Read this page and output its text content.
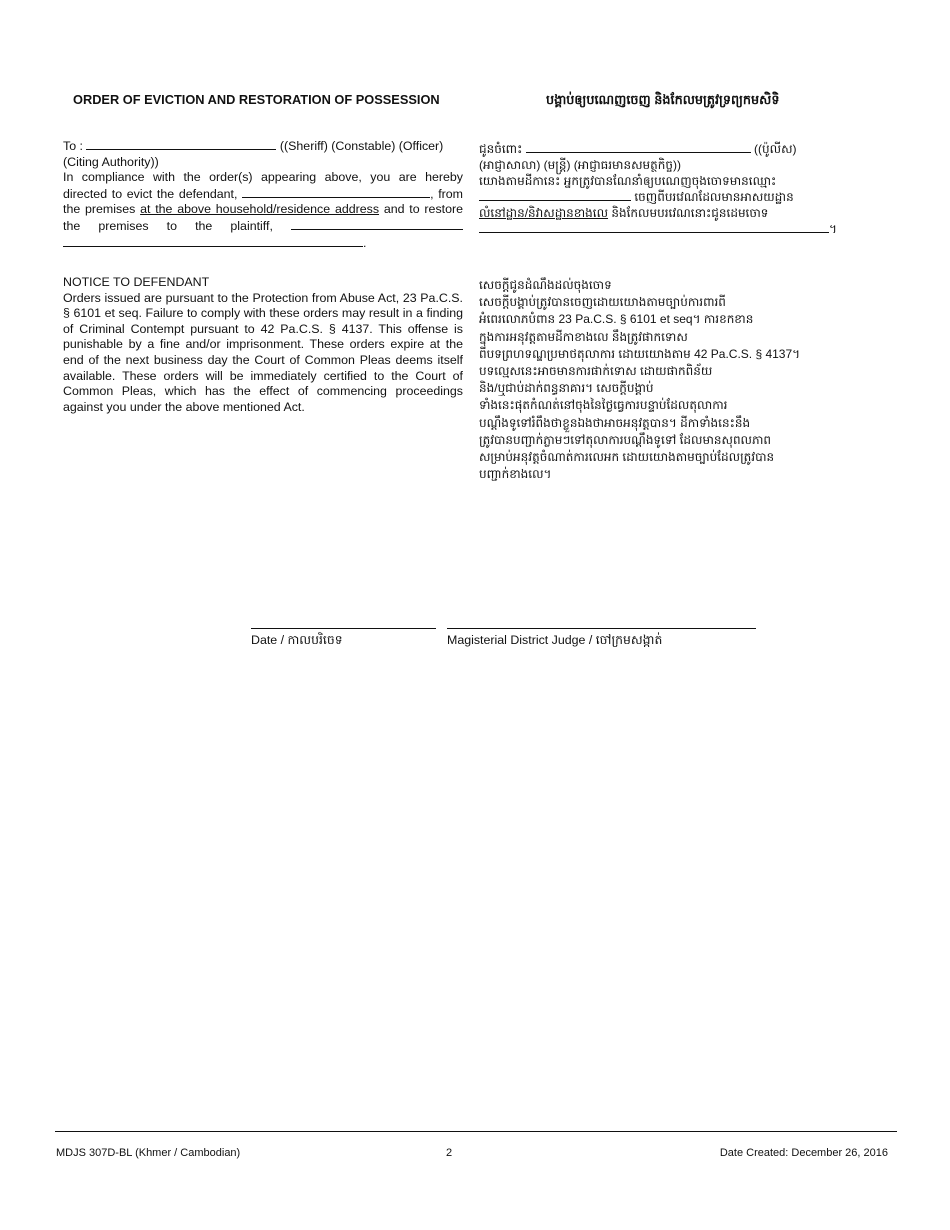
ORDER OF EVICTION AND RESTORATION OF POSSESSION	បង្គាប់ឲ្យបណេញចេញ និងកែលមត្រូវទ្រព្យកមសិទិ

To :	((Sheriff) (Constable) (Officer)

(Citing Authority))

In compliance with the order(s) appearing above, you are hereby directed to evict the defendant,	, from the premises at the above household/residence address and to restore the premises to the plaintiff,  .

NOTICE TO DEFENDANT

Orders issued are pursuant to the Protection from Abuse Act, 23 Pa.C.S. § 6101 et seq. Failure to comply with these orders may result in a finding of Criminal Contempt pursuant to 42 Pa.C.S. § 4137. This offense is punishable by a fine and/or imprisonment. These orders expire at the end of the next business day the Court of Common Pleas deems itself available. These orders will be immediately certified to the Court of Common Pleas, which has the effect of commencing proceedings against you under the above mentioned Act.

ជូនចំពោះ	((ប៉ូលីស)

(អាជ្ញាសាលា) (មន្រ្តី) (អាជ្ញាធរមានសមត្ថកិច្ច))

យោងតាមដីកានេះ អ្នកត្រូវបានណែនាំឲ្យបណេញចុងចោទមានឈ្មោះ

ចេញពីបរវេណដែលមានអាសយដ្ឋាន

លំនៅដ្ឋាន/និវាសដ្ឋានខាងលេ និងកែលមបរវេណនោះជូនដេមចោទ

។

សេចក្តីជូនដំណឹងដល់ចុងចោទ

សេចក្តីបង្គាប់ត្រូវបានចេញដោយយោងតាមច្បាប់ការពារពី

អំពេរលោភបំពាន 23 Pa.C.S. § 6101 et seq។ ការខកខាន

ក្នុងការអនុវត្តតាមដីកាខាងលេ នឹងត្រូវផាកទោស

ពីបទព្រហទណ្ឌប្រមាថតុលាការ ដោយយោងតាម 42 Pa.C.S. § 4137។

បទល្មេសនេះអាចមានការផាក់ទោស ដោយផាកពិន័យ

និង/ឬជាប់ដាក់ពន្ធនាគារ។ សេចក្តីបង្គាប់

ទាំងនេះផុតកំណត់នៅចុងនៃថ្ងៃធ្វេការបន្ទាប់ដែលតុលាការ

បណ្តឹងទូទៅរំពឹងថាខ្លួនឯងថាអាចអនុវត្តបាន។ ដីកាទាំងនេះនឹង

ត្រូវបានបញ្ជាក់ភ្លាមៗទៅតុលាការបណ្តឹងទូទៅ ដែលមានសុពលភាព

សម្រាប់អនុវត្តចំណាត់ការលេអក ដោយយោងតាមច្បាប់ដែលត្រូវបាន

បញ្ជាក់ខាងលេ។

Date / កាលបរិចេទ	Magisterial District Judge / ចៅក្រមសង្កាត់
MDJS 307D-BL (Khmer / Cambodian)	2	Date Created: December 26, 2016
